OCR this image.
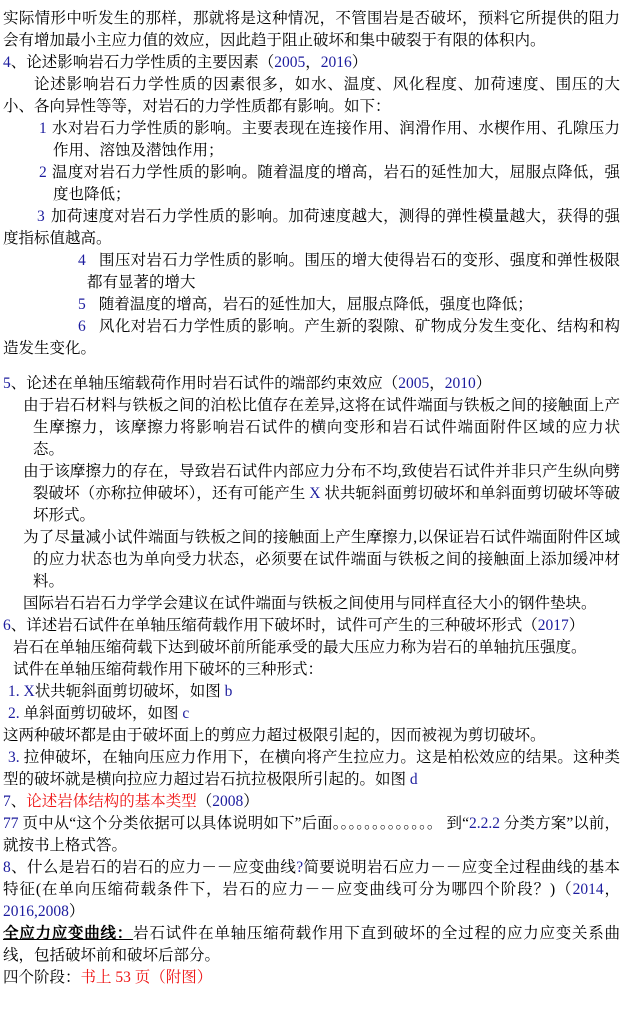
实际情形中听发生的那样，那就将是这种情况，不管围岩是否破坏，预料它所提供的阻力会有增加最小主应力值的效应，因此趋于阻止破坏和集中破裂于有限的体积内。

4、论述影响岩石力学性质的主要因素（2005，2016）

论述影响岩石力学性质的因素很多，如水、温度、风化程度、加荷速度、围压的大小、各向异性等等，对岩石的力学性质都有影响。如下：

1 水对岩石力学性质的影响。主要表现在连接作用、润滑作用、水楔作用、孔隙压力作用、溶蚀及潜蚀作用；

2 温度对岩石力学性质的影响。随着温度的增高，岩石的延性加大，屈服点降低，强度也降低；

3 加荷速度对岩石力学性质的影响。加荷速度越大，测得的弹性模量越大，获得的强度指标值越高。

4 围压对岩石力学性质的影响。围压的增大使得岩石的变形、强度和弹性极限都有显著的增大

5 随着温度的增高，岩石的延性加大，屈服点降低，强度也降低；

6 风化对岩石力学性质的影响。产生新的裂隙、矿物成分发生变化、结构和构造发生变化。

5、论述在单轴压缩载荷作用时岩石试件的端部约束效应（2005，2010）

由于岩石材料与铁板之间的泊松比值存在差异,这将在试件端面与铁板之间的接触面上产生摩擦力，该摩擦力将影响岩石试件的横向变形和岩石试件端面附件区域的应力状态。

由于该摩擦力的存在，导致岩石试件内部应力分布不均,致使岩石试件并非只产生纵向劈裂破坏（亦称拉伸破坏），还有可能产生 X 状共轭斜面剪切破坏和单斜面剪切破坏等破坏形式。

为了尽量减小试件端面与铁板之间的接触面上产生摩擦力,以保证岩石试件端面附件区域的应力状态也为单向受力状态，必须要在试件端面与铁板之间的接触面上添加缓冲材料。

国际岩石岩石力学学会建议在试件端面与铁板之间使用与同样直径大小的钢件垫块。

6、详述岩石试件在单轴压缩荷载作用下破坏时，试件可产生的三种破坏形式（2017）

岩石在单轴压缩荷载下达到破坏前所能承受的最大压应力称为岩石的单轴抗压强度。

试件在单轴压缩荷载作用下破坏的三种形式：

1. X状共轭斜面剪切破坏，如图 b

2. 单斜面剪切破坏，如图 c

这两种破坏都是由于破坏面上的剪应力超过极限引起的，因而被视为剪切破坏。

3. 拉伸破坏，在轴向压应力作用下，在横向将产生拉应力。这是柏松效应的结果。这种类型的破坏就是横向拉应力超过岩石抗拉极限所引起的。如图 d

7、论述岩体结构的基本类型（2008）

77 页中从“这个分类依据可以具体说明如下”后面。。。。。。。。。。。。。 到“2.2.2 分类方案”以前，就按书上格式答。

8、什么是岩石的岩石的应力－－应变曲线?简要说明岩石应力－－应变全过程曲线的基本特征(在单向压缩荷载条件下，岩石的应力－－应变曲线可分为哪四个阶段？)（2014，2016,2008）

全应力应变曲线：岩石试件在单轴压缩荷载作用下直到破坏的全过程的应力应变关系曲线，包括破坏前和破坏后部分。

四个阶段：书上 53 页（附图）
